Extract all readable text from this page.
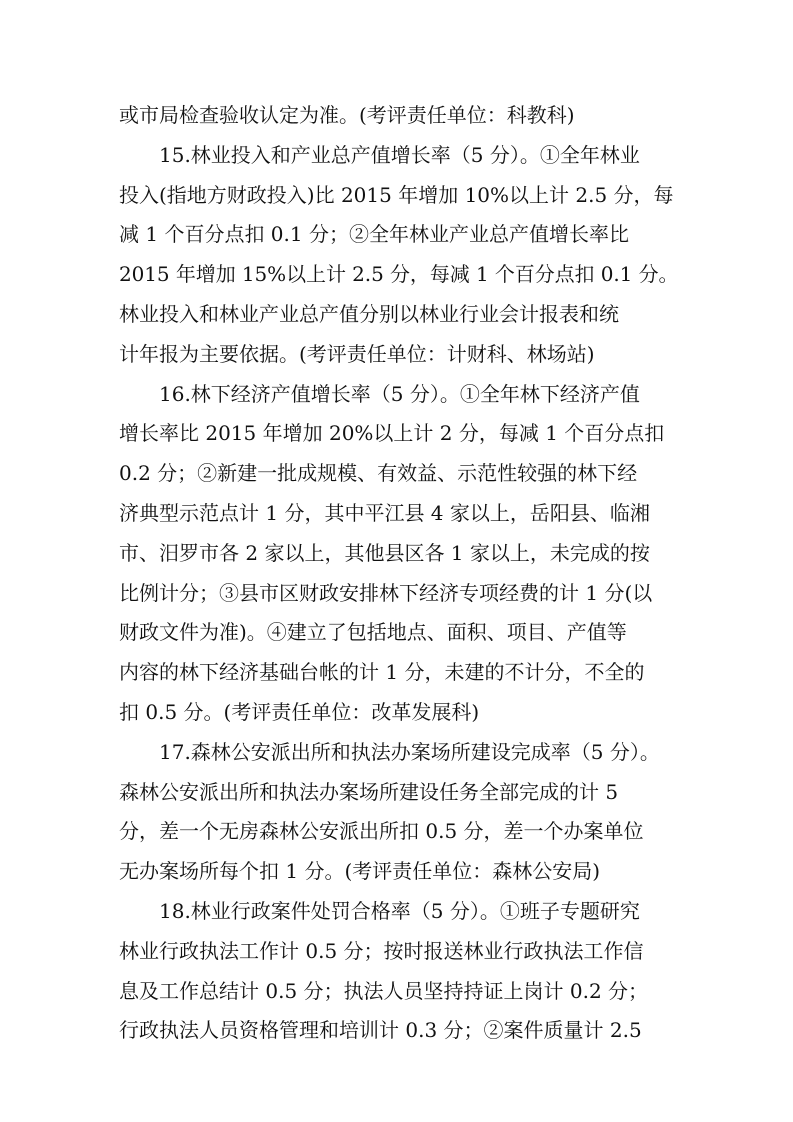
或市局检查验收认定为准。(考评责任单位：科教科)
15.林业投入和产业总产值增长率（5 分）。①全年林业
投入(指地方财政投入)比 2015 年增加 10%以上计 2.5 分，每
减 1 个百分点扣 0.1 分；②全年林业产业总产值增长率比
2015 年增加 15%以上计 2.5 分，每减 1 个百分点扣 0.1 分。
林业投入和林业产业总产值分别以林业行业会计报表和统
计年报为主要依据。(考评责任单位：计财科、林场站)
16.林下经济产值增长率（5 分）。①全年林下经济产值
增长率比 2015 年增加 20%以上计 2 分，每减 1 个百分点扣
0.2 分；②新建一批成规模、有效益、示范性较强的林下经
济典型示范点计 1 分，其中平江县 4 家以上，岳阳县、临湘
市、汨罗市各 2 家以上，其他县区各 1 家以上，未完成的按
比例计分；③县市区财政安排林下经济专项经费的计 1 分(以
财政文件为准)。④建立了包括地点、面积、项目、产值等
内容的林下经济基础台帐的计 1 分，未建的不计分，不全的
扣 0.5 分。(考评责任单位：改革发展科)
17.森林公安派出所和执法办案场所建设完成率（5 分）。
森林公安派出所和执法办案场所建设任务全部完成的计 5
分，差一个无房森林公安派出所扣 0.5 分，差一个办案单位
无办案场所每个扣 1 分。(考评责任单位：森林公安局)
18.林业行政案件处罚合格率（5 分）。①班子专题研究
林业行政执法工作计 0.5 分；按时报送林业行政执法工作信
息及工作总结计 0.5 分；执法人员坚持持证上岗计 0.2 分；
行政执法人员资格管理和培训计 0.3 分；②案件质量计 2.5
